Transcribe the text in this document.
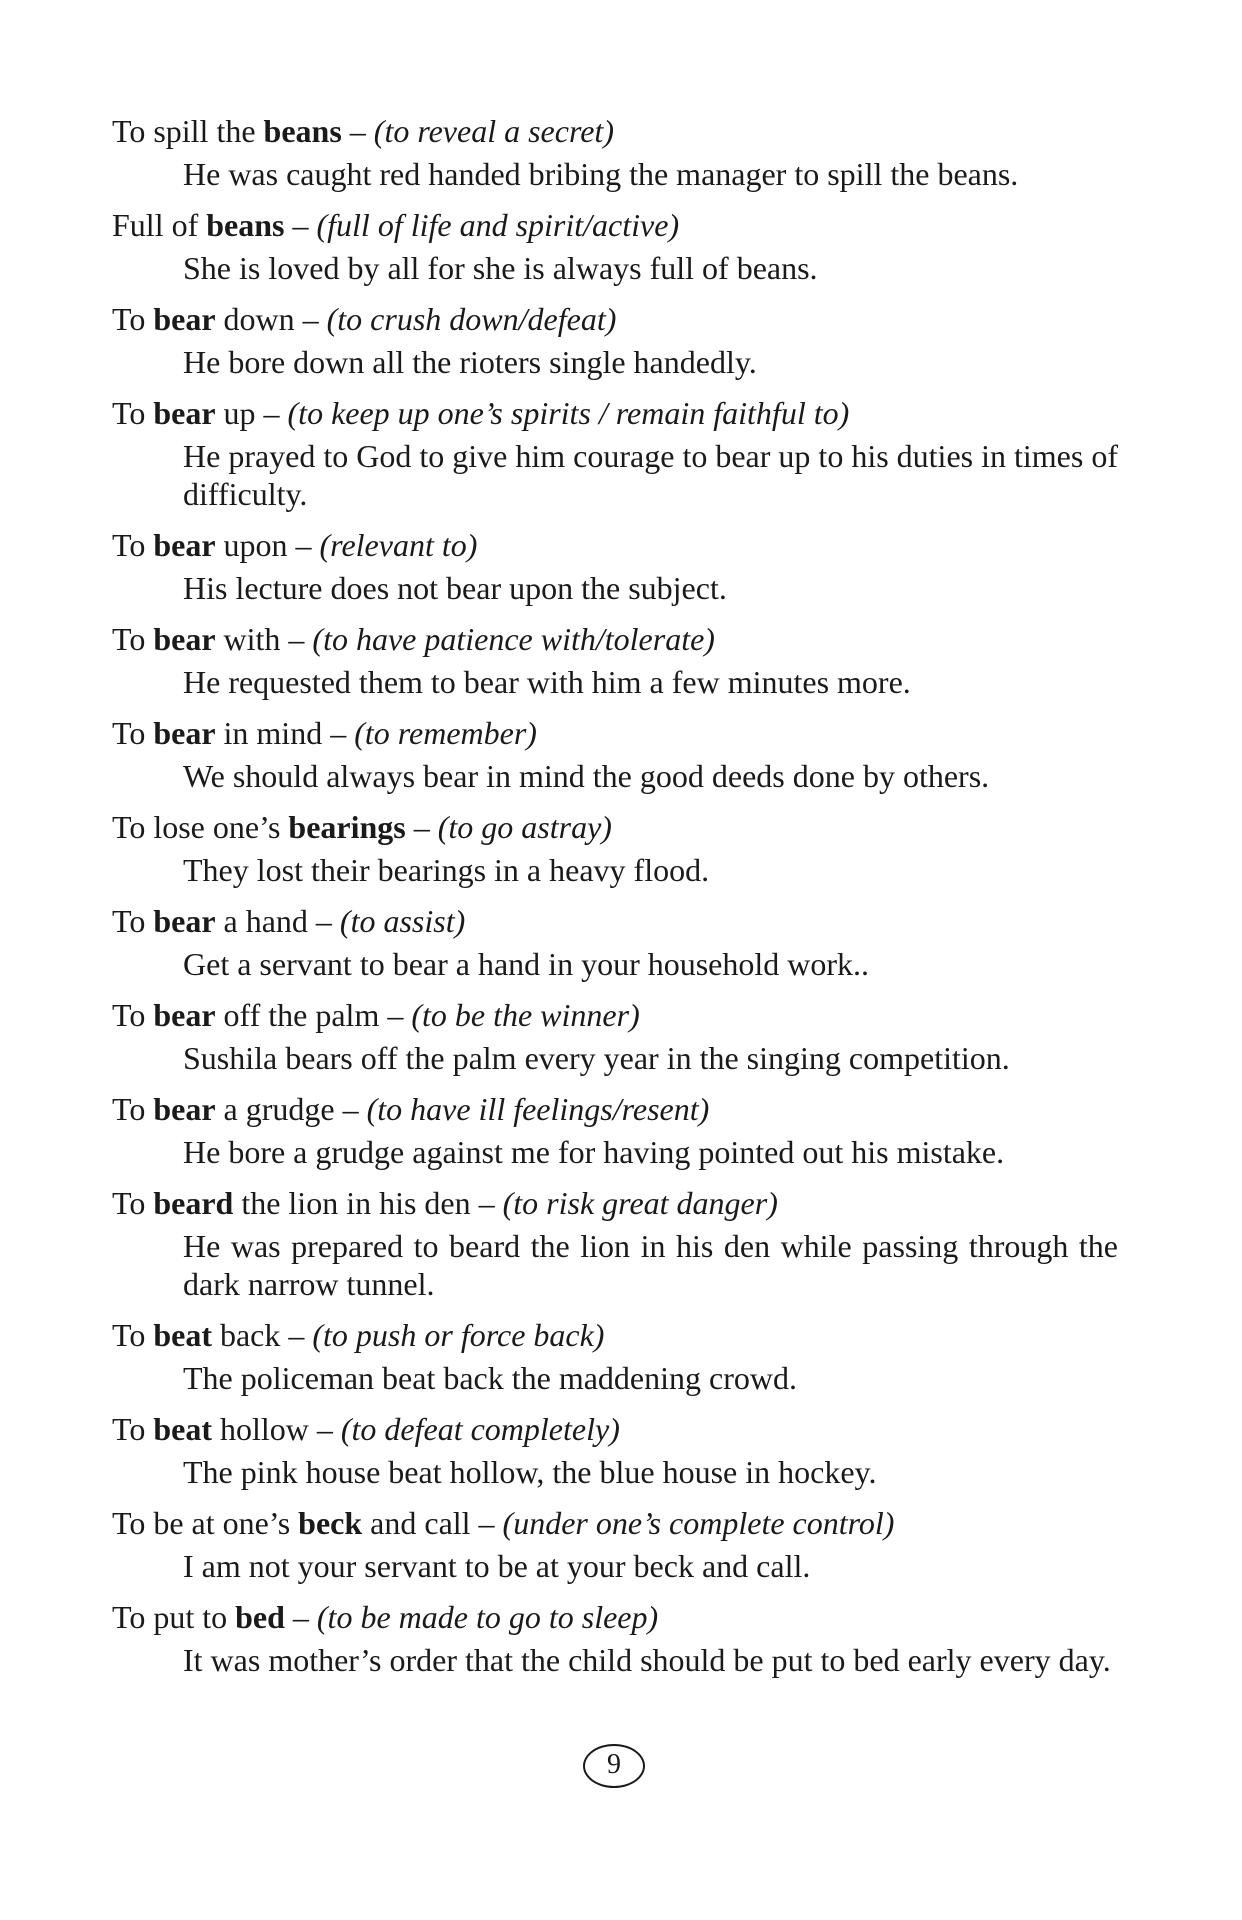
To spill the beans – (to reveal a secret)
He was caught red handed bribing the manager to spill the beans.
Full of beans – (full of life and spirit/active)
She is loved by all for she is always full of beans.
To bear down – (to crush down/defeat)
He bore down all the rioters single handedly.
To bear up – (to keep up one’s spirits / remain faithful to)
He prayed to God to give him courage to bear up to his duties in times of difficulty.
To bear upon – (relevant to)
His lecture does not bear upon the subject.
To bear with – (to have patience with/tolerate)
He requested them to bear with him a few minutes more.
To bear in mind – (to remember)
We should always bear in mind the good deeds done by others.
To lose one’s bearings – (to go astray)
They lost their bearings in a heavy flood.
To bear a hand – (to assist)
Get a servant to bear a hand in your household work..
To bear off the palm – (to be the winner)
Sushila bears off the palm every year in the singing competition.
To bear a grudge – (to have ill feelings/resent)
He bore a grudge against me for having pointed out his mistake.
To beard the lion in his den – (to risk great danger)
He was prepared to beard the lion in his den while passing through the dark narrow tunnel.
To beat back – (to push or force back)
The policeman beat back the maddening crowd.
To beat hollow – (to defeat completely)
The pink house beat hollow, the blue house in hockey.
To be at one’s beck and call – (under one’s complete control)
I am not your servant to be at your beck and call.
To put to bed – (to be made to go to sleep)
It was mother’s order that the child should be put to bed early every day.
9
